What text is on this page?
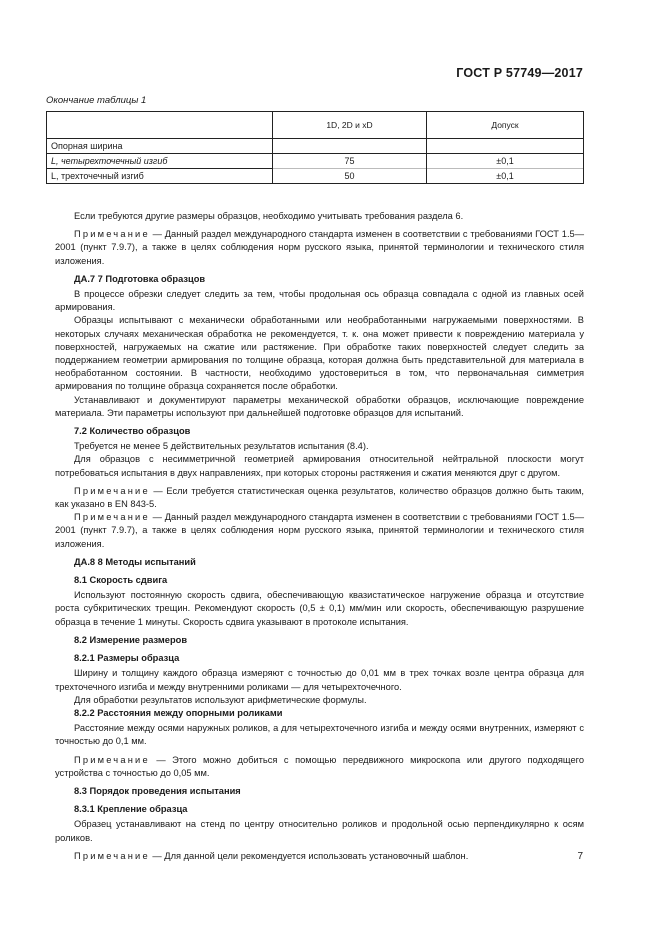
ГОСТ Р 57749—2017
Окончание таблицы 1
	1D, 2D и xD	Допуск
Опорная ширина		
L, четырехточечный изгиб	75	±0,1
L, трехточечный изгиб	50	±0,1

Если требуются другие размеры образцов, необходимо учитывать требования раздела 6.

Примечание — Данный раздел международного стандарта изменен в соответствии с требованиями ГОСТ 1.5—2001 (пункт 7.9.7), а также в целях соблюдения норм русского языка, принятой терминологии и технического стиля изложения.

ДА.7 7 Подготовка образцов

В процессе обрезки следует следить за тем, чтобы продольная ось образца совпадала с одной из главных осей армирования.

Образцы испытывают с механически обработанными или необработанными нагружаемыми поверхностями. В некоторых случаях механическая обработка не рекомендуется, т. к. она может привести к повреждению материала у поверхностей, нагружаемых на сжатие или растяжение. При обработке таких поверхностей следует следить за поддержанием геометрии армирования по толщине образца, которая должна быть представительной для материала в необработанном состоянии. В частности, необходимо удостовериться в том, что первоначальная симметрия армирования по толщине образца сохраняется после обработки.

Устанавливают и документируют параметры механической обработки образцов, исключающие повреждение материала. Эти параметры используют при дальнейшей подготовке образцов для испытаний.

7.2 Количество образцов

Требуется не менее 5 действительных результатов испытания (8.4).

Для образцов с несимметричной геометрией армирования относительной нейтральной плоскости могут потребоваться испытания в двух направлениях, при которых стороны растяжения и сжатия меняются друг с другом.

Примечание — Если требуется статистическая оценка результатов, количество образцов должно быть таким, как указано в EN 843-5.

Примечание — Данный раздел международного стандарта изменен в соответствии с требованиями ГОСТ 1.5—2001 (пункт 7.9.7), а также в целях соблюдения норм русского языка, принятой терминологии и технического стиля изложения.

ДА.8 8 Методы испытаний
8.1 Скорость сдвига

Используют постоянную скорость сдвига, обеспечивающую квазистатическое нагружение образца и отсутствие роста субкритических трещин. Рекомендуют скорость (0,5 ± 0,1) мм/мин или скорость, обеспечивающую разрушение образца в течение 1 минуты. Скорость сдвига указывают в протоколе испытания.

8.2 Измерение размеров
8.2.1 Размеры образца

Ширину и толщину каждого образца измеряют с точностью до 0,01 мм в трех точках возле центра образца для трехточечного изгиба и между внутренними роликами — для четырехточечного.

Для обработки результатов используют арифметические формулы.

8.2.2 Расстояния между опорными роликами

Расстояние между осями наружных роликов, а для четырехточечного изгиба и между осями внутренних, измеряют с точностью до 0,1 мм.

Примечание — Этого можно добиться с помощью передвижного микроскопа или другого подходящего устройства с точностью до 0,05 мм.

8.3 Порядок проведения испытания
8.3.1 Крепление образца

Образец устанавливают на стенд по центру относительно роликов и продольной осью перпендикулярно к осям роликов.

Примечание — Для данной цели рекомендуется использовать установочный шаблон.	7
